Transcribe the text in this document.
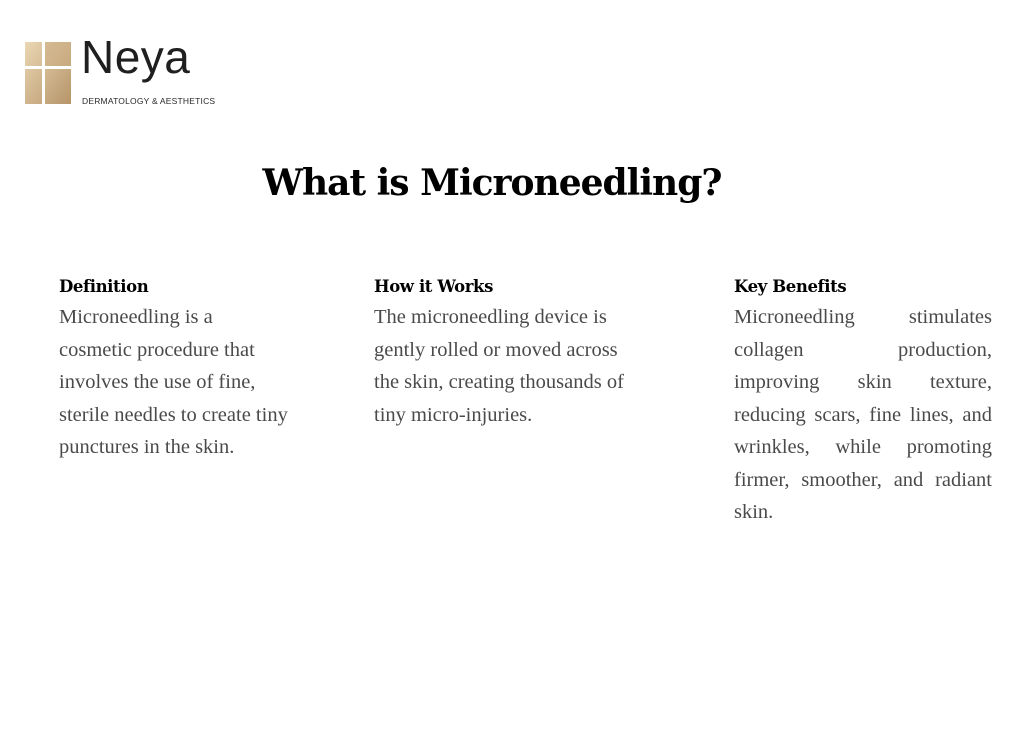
Neya
DERMATOLOGY & AESTHETICS
What is Microneedling?
Definition

Microneedling is a cosmetic procedure that involves the use of fine, sterile needles to create tiny punctures in the skin.

How it Works

The microneedling device is gently rolled or moved across the skin, creating thousands of tiny micro-injuries.

Key Benefits

Microneedling stimulates collagen production, improving skin texture, reducing scars, fine lines, and wrinkles, while promoting firmer, smoother, and radiant skin.
